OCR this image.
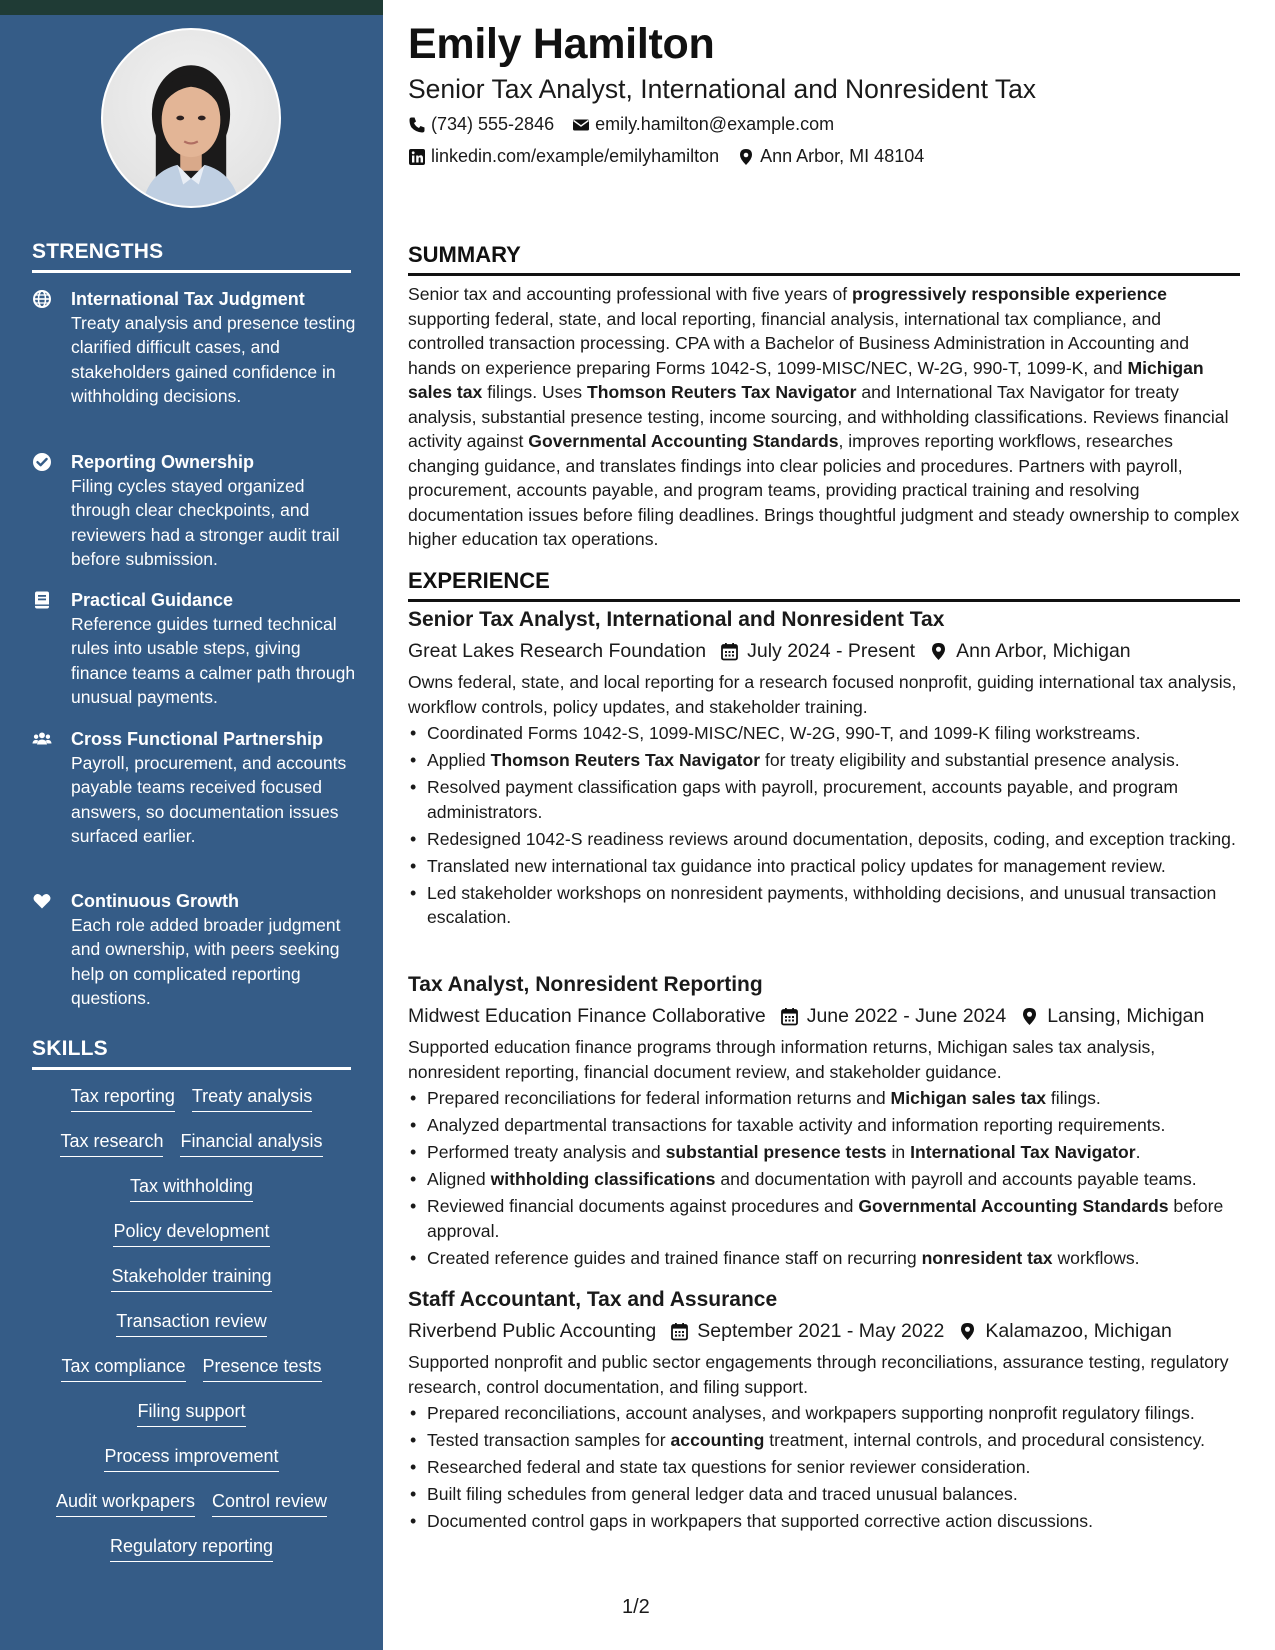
STRENGTHS
International Tax Judgment
Treaty analysis and presence testing clarified difficult cases, and stakeholders gained confidence in withholding decisions.
Reporting Ownership
Filing cycles stayed organized through clear checkpoints, and reviewers had a stronger audit trail before submission.
Practical Guidance
Reference guides turned technical rules into usable steps, giving finance teams a calmer path through unusual payments.
Cross Functional Partnership
Payroll, procurement, and accounts payable teams received focused answers, so documentation issues surfaced earlier.
Continuous Growth
Each role added broader judgment and ownership, with peers seeking help on complicated reporting questions.
SKILLS
Tax reporting Treaty analysis
Tax research Financial analysis
Tax withholding
Policy development
Stakeholder training
Transaction review
Tax compliance Presence tests
Filing support
Process improvement
Audit workpapers Control review
Regulatory reporting
Emily Hamilton
Senior Tax Analyst, International and Nonresident Tax
(734) 555-2846 emily.hamilton@example.com
linkedin.com/example/emilyhamilton Ann Arbor, MI 48104
SUMMARY
Senior tax and accounting professional with five years of progressively responsible experience supporting federal, state, and local reporting, financial analysis, international tax compliance, and controlled transaction processing. CPA with a Bachelor of Business Administration in Accounting and hands on experience preparing Forms 1042-S, 1099-MISC/NEC, W-2G, 990-T, 1099-K, and Michigan sales tax filings. Uses Thomson Reuters Tax Navigator and International Tax Navigator for treaty analysis, substantial presence testing, income sourcing, and withholding classifications. Reviews financial activity against Governmental Accounting Standards, improves reporting workflows, researches changing guidance, and translates findings into clear policies and procedures. Partners with payroll, procurement, accounts payable, and program teams, providing practical training and resolving documentation issues before filing deadlines. Brings thoughtful judgment and steady ownership to complex higher education tax operations.
EXPERIENCE
Senior Tax Analyst, International and Nonresident Tax
Great Lakes Research Foundation July 2024 - Present Ann Arbor, Michigan
Owns federal, state, and local reporting for a research focused nonprofit, guiding international tax analysis, workflow controls, policy updates, and stakeholder training.
• Coordinated Forms 1042-S, 1099-MISC/NEC, W-2G, 990-T, and 1099-K filing workstreams.
• Applied Thomson Reuters Tax Navigator for treaty eligibility and substantial presence analysis.
• Resolved payment classification gaps with payroll, procurement, accounts payable, and program administrators.
• Redesigned 1042-S readiness reviews around documentation, deposits, coding, and exception tracking.
• Translated new international tax guidance into practical policy updates for management review.
• Led stakeholder workshops on nonresident payments, withholding decisions, and unusual transaction escalation.
Tax Analyst, Nonresident Reporting
Midwest Education Finance Collaborative June 2022 - June 2024 Lansing, Michigan
Supported education finance programs through information returns, Michigan sales tax analysis, nonresident reporting, financial document review, and stakeholder guidance.
• Prepared reconciliations for federal information returns and Michigan sales tax filings.
• Analyzed departmental transactions for taxable activity and information reporting requirements.
• Performed treaty analysis and substantial presence tests in International Tax Navigator.
• Aligned withholding classifications and documentation with payroll and accounts payable teams.
• Reviewed financial documents against procedures and Governmental Accounting Standards before approval.
• Created reference guides and trained finance staff on recurring nonresident tax workflows.
Staff Accountant, Tax and Assurance
Riverbend Public Accounting September 2021 - May 2022 Kalamazoo, Michigan
Supported nonprofit and public sector engagements through reconciliations, assurance testing, regulatory research, control documentation, and filing support.
• Prepared reconciliations, account analyses, and workpapers supporting nonprofit regulatory filings.
• Tested transaction samples for accounting treatment, internal controls, and procedural consistency.
• Researched federal and state tax questions for senior reviewer consideration.
• Built filing schedules from general ledger data and traced unusual balances.
• Documented control gaps in workpapers that supported corrective action discussions.
1/2
